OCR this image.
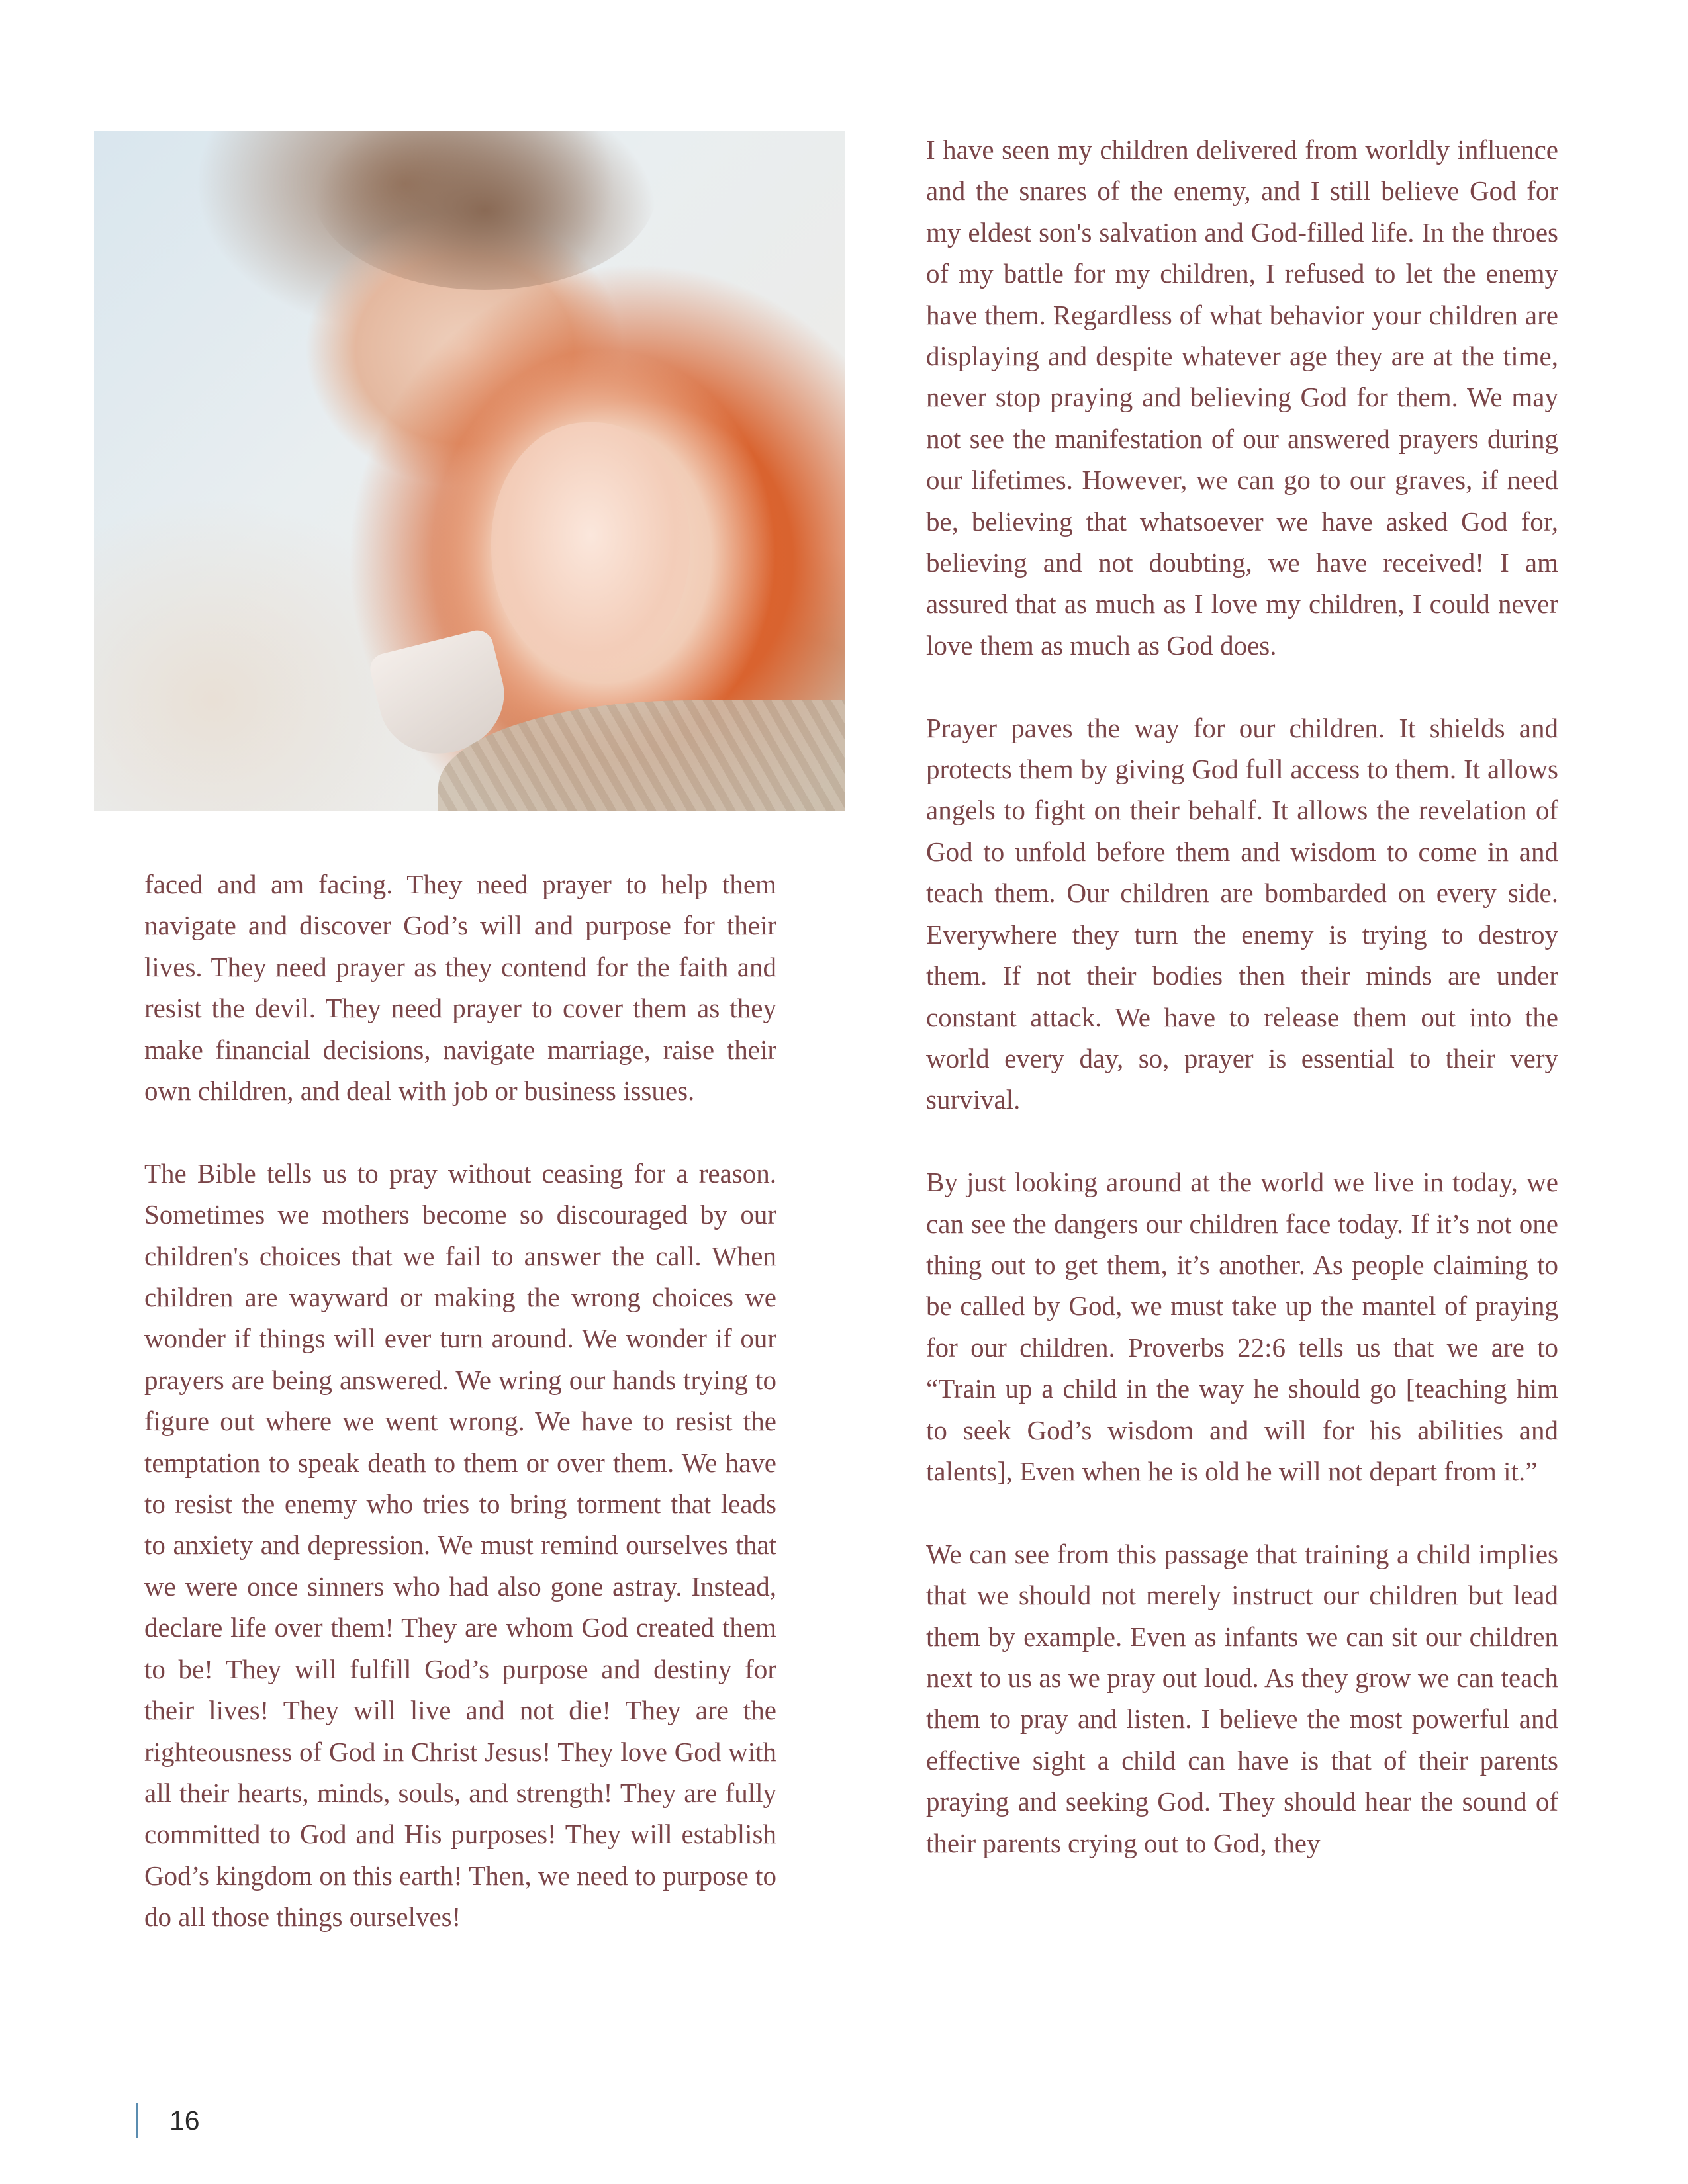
faced and am facing. They need prayer to help them navigate and discover God’s will and purpose for their lives. They need prayer as they contend for the faith and resist the devil. They need prayer to cover them as they make financial decisions, navigate marriage, raise their own children, and deal with job or business issues.

The Bible tells us to pray without ceasing for a reason. Sometimes we mothers become so discouraged by our children's choices that we fail to answer the call. When children are wayward or making the wrong choices we wonder if things will ever turn around. We wonder if our prayers are being answered. We wring our hands trying to figure out where we went wrong. We have to resist the temptation to speak death to them or over them. We have to resist the enemy who tries to bring torment that leads to anxiety and depression. We must remind ourselves that we were once sinners who had also gone astray. Instead, declare life over them! They are whom God created them to be! They will fulfill God’s purpose and destiny for their lives! They will live and not die! They are the righteousness of God in Christ Jesus! They love God with all their hearts, minds, souls, and strength! They are fully committed to God and His purposes! They will establish God’s kingdom on this earth! Then, we need to purpose to do all those things ourselves!

I have seen my children delivered from worldly influence and the snares of the enemy, and I still believe God for my eldest son's salvation and God-filled life. In the throes of my battle for my children, I refused to let the enemy have them. Regardless of what behavior your children are displaying and despite whatever age they are at the time, never stop praying and believing God for them. We may not see the manifestation of our answered prayers during our lifetimes. However, we can go to our graves, if need be, believing that whatsoever we have asked God for, believing and not doubting, we have received! I am assured that as much as I love my children, I could never love them as much as God does.

Prayer paves the way for our children. It shields and protects them by giving God full access to them. It allows angels to fight on their behalf. It allows the revelation of God to unfold before them and wisdom to come in and teach them. Our children are bombarded on every side. Everywhere they turn the enemy is trying to destroy them. If not their bodies then their minds are under constant attack. We have to release them out into the world every day, so, prayer is essential to their very survival.

By just looking around at the world we live in today, we can see the dangers our children face today. If it’s not one thing out to get them, it’s another. As people claiming to be called by God, we must take up the mantel of praying for our children. Proverbs 22:6 tells us that we are to “Train up a child in the way he should go [teaching him to seek God’s wisdom and will for his abilities and talents], Even when he is old he will not depart from it.”

We can see from this passage that training a child implies that we should not merely instruct our children but lead them by example. Even as infants we can sit our children next to us as we pray out loud. As they grow we can teach them to pray and listen. I believe the most powerful and effective sight a child can have is that of their parents praying and seeking God. They should hear the sound of their parents crying out to God, they

16
